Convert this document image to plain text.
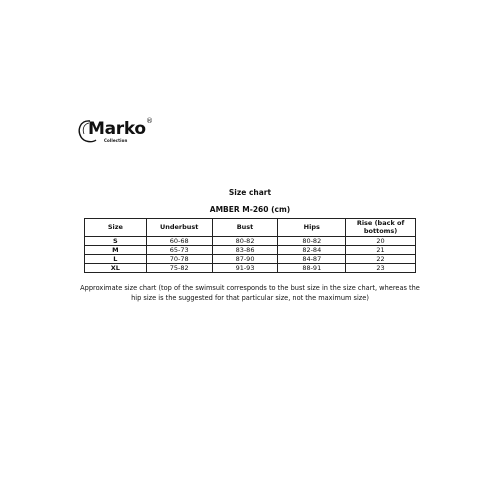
Marko ®
Collection
Size chart
AMBER M-260 (cm)
Size	Underbust	Bust	Hips	Rise (back of bottoms)
S	60-68	80-82	80-82	20
M	65-73	83-86	82-84	21
L	70-78	87-90	84-87	22
XL	75-82	91-93	88-91	23
Approximate size chart (top of the swimsuit corresponds to the bust size in the size chart, whereas the hip size is the suggested for that particular size, not the maximum size)
